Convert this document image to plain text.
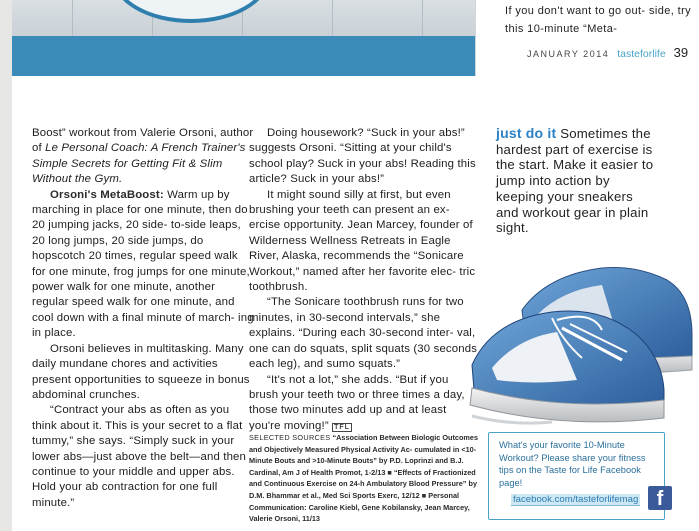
If you don't want to go out- side, try this 10-minute “Meta-
JANUARY 2014 tasteforlife 39

Boost” workout from Valerie Orsoni, author of Le Personal Coach: A French Trainer's Simple Secrets for Getting Fit & Slim Without the Gym.

Orsoni's MetaBoost: Warm up by marching in place for one minute, then do 20 jumping jacks, 20 side- to-side leaps, 20 long jumps, 20 side jumps, do hopscotch 20 times, regular speed walk for one minute, frog jumps for one minute, power walk for one minute, another regular speed walk for one minute, and cool down with a final minute of march- ing in place.

Orsoni believes in multitasking. Many daily mundane chores and activities present opportunities to squeeze in bonus abdominal crunches.

“Contract your abs as often as you think about it. This is your secret to a flat tummy,” she says. “Simply suck in your lower abs—just above the belt—and then continue to your middle and upper abs. Hold your ab contraction for one full minute.”

Doing housework? “Suck in your abs!” suggests Orsoni. “Sitting at your child's school play? Suck in your abs! Reading this article? Suck in your abs!”

It might sound silly at first, but even brushing your teeth can present an ex- ercise opportunity. Jean Marcey, founder of Wilderness Wellness Retreats in Eagle River, Alaska, recommends the “Sonicare Workout,” named after her favorite elec- tric toothbrush.

“The Sonicare toothbrush runs for two minutes, in 30-second intervals,” she explains. “During each 30-second inter- val, one can do squats, split squats (30 seconds each leg), and sumo squats.”

“It's not a lot,” she adds. “But if you brush your teeth two or three times a day, those two minutes add up and at least you're moving!” TFL

SELECTED SOURCES “Association Between Biologic Outcomes and Objectively Measured Physical Activity Ac- cumulated in <10-Minute Bouts and >10-Minute Bouts” by P.D. Loprinzi and B.J. Cardinal, Am J of Health Promot, 1-2/13 ■ “Effects of Fractionized and Continuous Exercise on 24-h Ambulatory Blood Pressure” by D.M. Bhammar et al., Med Sci Sports Exerc, 12/12 ■ Personal Communication: Caroline Kiebl, Gene Kobilansky, Jean Marcey, Valerie Orsoni, 11/13
just do it Sometimes the hardest part of exercise is the start. Make it easier to jump into action by keeping your sneakers and workout gear in plain sight.
What's your favorite 10-Minute Workout? Please share your fitness tips on the Taste for Life Facebook page!
facebook.com/tasteforlifemag f
